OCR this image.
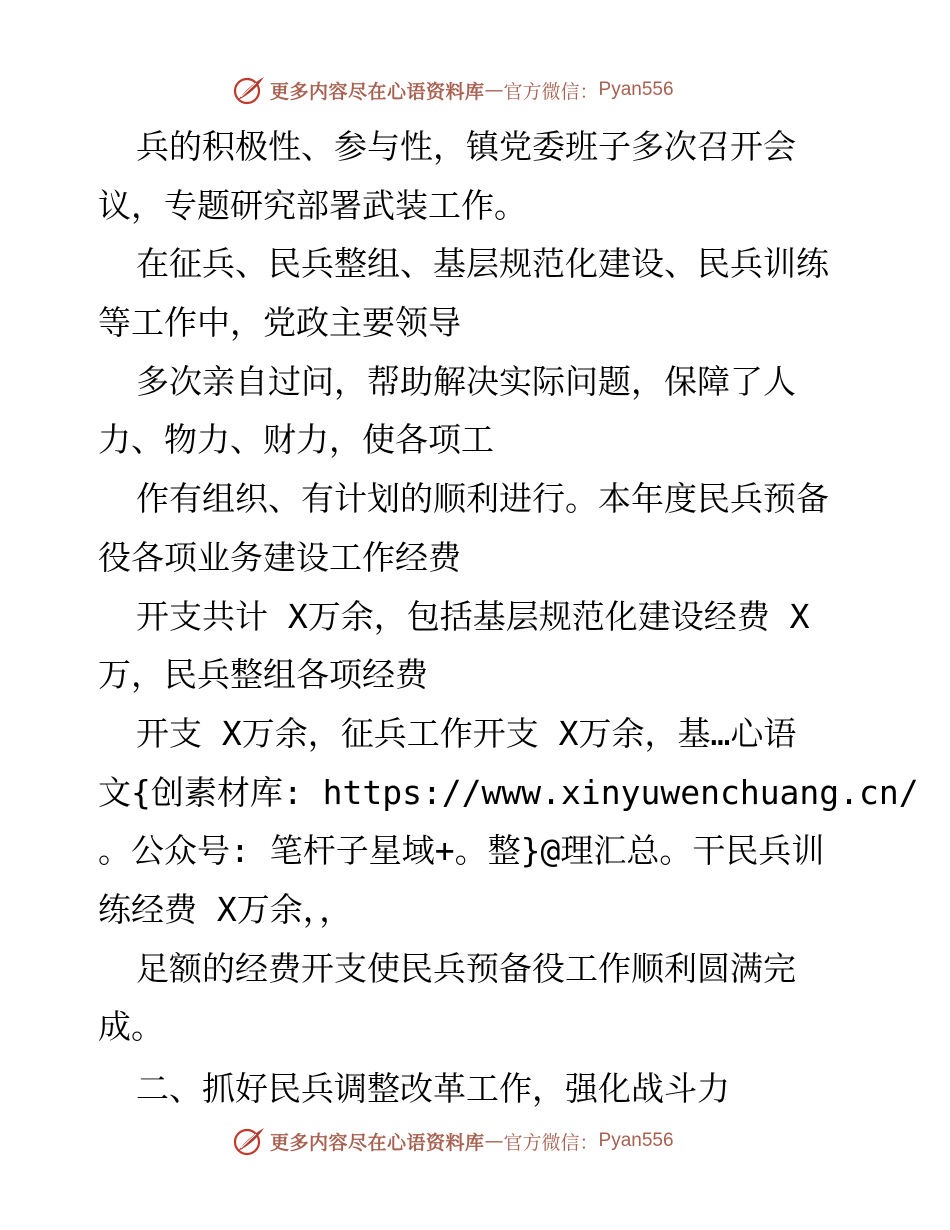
更多内容尽在心语资料库 — 官方微信： Pyan556
兵的积极性、参与性，镇党委班子多次召开会
议，专题研究部署武装工作。
在征兵、民兵整组、基层规范化建设、民兵训练
等工作中，党政主要领导
多次亲自过问，帮助解决实际问题，保障了人
力、物力、财力，使各项工
作有组织、有计划的顺利进行。本年度民兵预备
役各项业务建设工作经费
开支共计 X万余，包括基层规范化建设经费 X
万，民兵整组各项经费
开支 X万余，征兵工作开支 X万余，基…心语
文{创素材库: https://www.xinyuwenchuang.cn/
。公众号: 笔杆子星域+。整}@理汇总。干民兵训
练经费 X万余，，
足额的经费开支使民兵预备役工作顺利圆满完
成。
二、抓好民兵调整改革工作，强化战斗力
更多内容尽在心语资料库 — 官方微信： Pyan556
